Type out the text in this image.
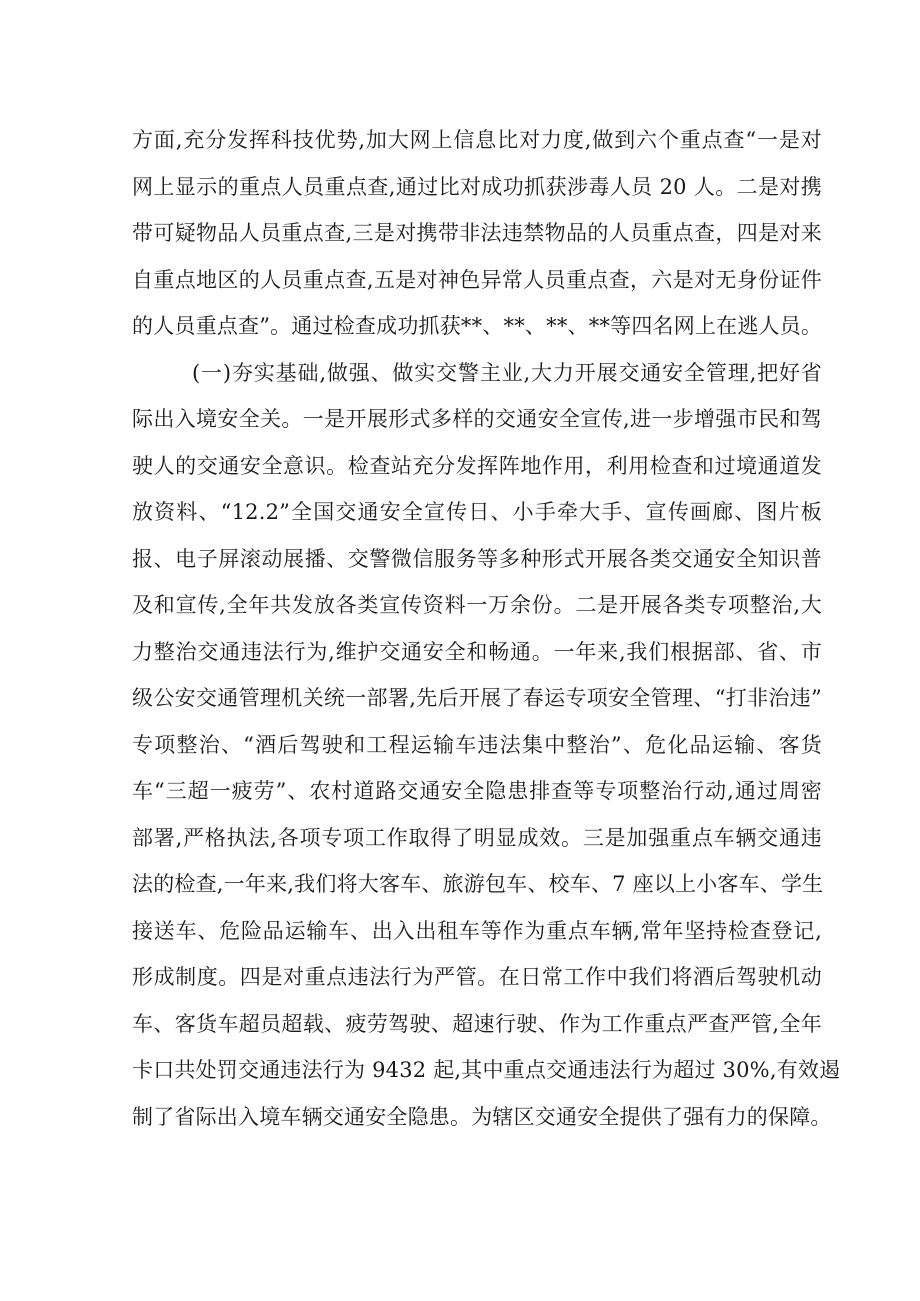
方面,充分发挥科技优势,加大网上信息比对力度,做到六个重点查“一是对
网上显示的重点人员重点查,通过比对成功抓获涉毒人员 20 人。二是对携
带可疑物品人员重点查,三是对携带非法违禁物品的人员重点查，四是对来
自重点地区的人员重点查,五是对神色异常人员重点查，六是对无身份证件
的人员重点查”。通过检查成功抓获**、**、**、**等四名网上在逃人员。
(一)夯实基础,做强、做实交警主业,大力开展交通安全管理,把好省
际出入境安全关。一是开展形式多样的交通安全宣传,进一步增强市民和驾
驶人的交通安全意识。检查站充分发挥阵地作用，利用检查和过境通道发
放资料、“12.2”全国交通安全宣传日、小手牵大手、宣传画廊、图片板
报、电子屏滚动展播、交警微信服务等多种形式开展各类交通安全知识普
及和宣传,全年共发放各类宣传资料一万余份。二是开展各类专项整治,大
力整治交通违法行为,维护交通安全和畅通。一年来,我们根据部、省、市
级公安交通管理机关统一部署,先后开展了春运专项安全管理、“打非治违”
专项整治、“酒后驾驶和工程运输车违法集中整治”、危化品运输、客货
车“三超一疲劳”、农村道路交通安全隐患排查等专项整治行动,通过周密
部署,严格执法,各项专项工作取得了明显成效。三是加强重点车辆交通违
法的检查,一年来,我们将大客车、旅游包车、校车、7 座以上小客车、学生
接送车、危险品运输车、出入出租车等作为重点车辆,常年坚持检查登记,
形成制度。四是对重点违法行为严管。在日常工作中我们将酒后驾驶机动
车、客货车超员超载、疲劳驾驶、超速行驶、作为工作重点严查严管,全年
卡口共处罚交通违法行为 9432 起,其中重点交通违法行为超过 30%,有效遏
制了省际出入境车辆交通安全隐患。为辖区交通安全提供了强有力的保障。
